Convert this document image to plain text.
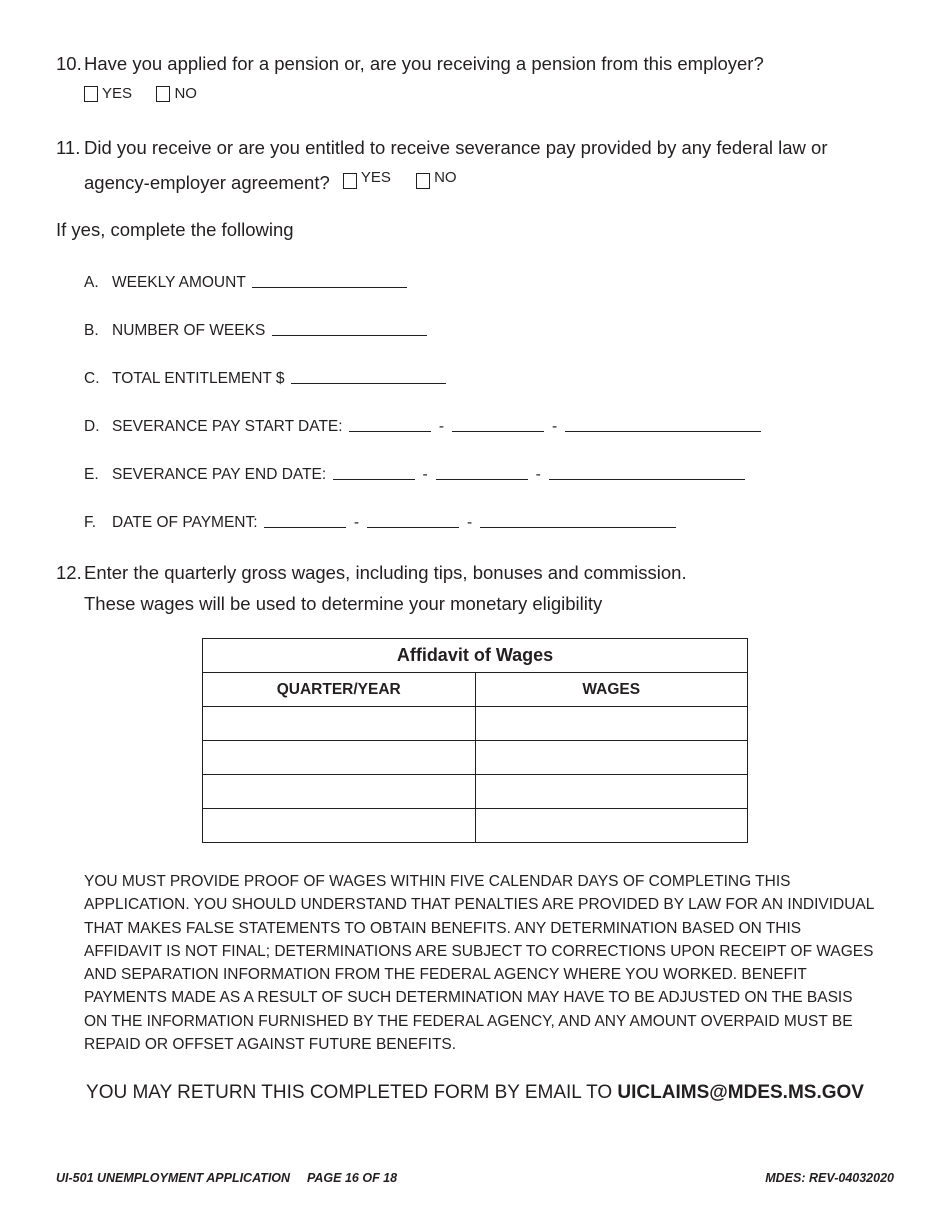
10. Have you applied for a pension or, are you receiving a pension from this employer?
YES
	NO
11. Did you receive or are you entitled to receive severance pay provided by any federal law or
agency-employer agreement? YES
	NO
If yes, complete the following
A. WEEKLY AMOUNT
B. NUMBER OF WEEKS
C. TOTAL ENTITLEMENT $
D. SEVERANCE PAY START DATE:	-	-
E. SEVERANCE PAY END DATE:	-	-
F. DATE OF PAYMENT:	-	-
12. Enter the quarterly gross wages, including tips, bonuses and commission.
These wages will be used to determine your monetary eligibility
Affidavit of Wages	
QUARTER/YEAR	WAGES

YOU MUST PROVIDE PROOF OF WAGES WITHIN FIVE CALENDAR DAYS OF COMPLETING THIS APPLICATION. YOU SHOULD UNDERSTAND THAT PENALTIES ARE PROVIDED BY LAW FOR AN INDIVIDUAL THAT MAKES FALSE STATEMENTS TO OBTAIN BENEFITS. ANY DETERMINATION BASED ON THIS AFFIDAVIT IS NOT FINAL; DETERMINATIONS ARE SUBJECT TO CORRECTIONS UPON RECEIPT OF WAGES AND SEPARATION INFORMATION FROM THE FEDERAL AGENCY WHERE YOU WORKED. BENEFIT PAYMENTS MADE AS A RESULT OF SUCH DETERMINATION MAY HAVE TO BE ADJUSTED ON THE BASIS ON THE INFORMATION FURNISHED BY THE FEDERAL AGENCY, AND ANY AMOUNT OVERPAID MUST BE REPAID OR OFFSET AGAINST FUTURE BENEFITS.
YOU MAY RETURN THIS COMPLETED FORM BY EMAIL TO UICLAIMS@MDES.MS.GOV
UI-501 UNEMPLOYMENT APPLICATION PAGE 16 OF 18	MDES: REV-04032020
